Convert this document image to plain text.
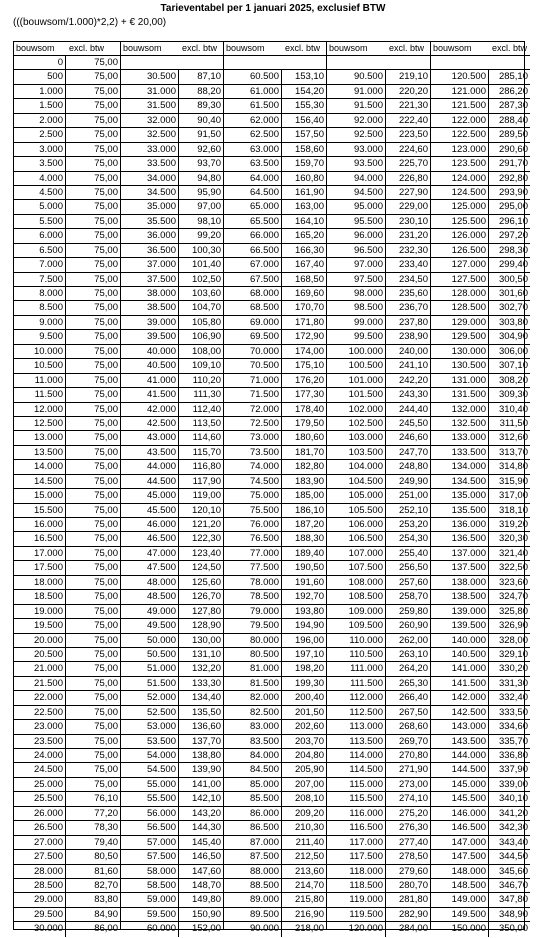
Tarieventabel per 1 januari 2025, exclusief BTW
(((bouwsom/1.000)*2,2) + € 20,00)
bouwsom	excl. btw
0	75,00
500	75,00
1.000	75,00
1.500	75,00
2.000	75,00
2.500	75,00
3.000	75,00
3.500	75,00
4.000	75,00
4.500	75,00
5.000	75,00
5.500	75,00
6.000	75,00
6.500	75,00
7.000	75,00
7.500	75,00
8.000	75,00
8.500	75,00
9.000	75,00
9.500	75,00
10.000	75,00
10.500	75,00
11.000	75,00
11.500	75,00
12.000	75,00
12.500	75,00
13.000	75,00
13.500	75,00
14.000	75,00
14.500	75,00
15.000	75,00
15.500	75,00
16.000	75,00
16.500	75,00
17.000	75,00
17.500	75,00
18.000	75,00
18.500	75,00
19.000	75,00
19.500	75,00
20.000	75,00
20.500	75,00
21.000	75,00
21.500	75,00
22.000	75,00
22.500	75,00
23.000	75,00
23.500	75,00
24.000	75,00
24.500	75,00
25.000	75,00
25.500	76,10
26.000	77,20
26.500	78,30
27.000	79,40
27.500	80,50
28.000	81,60
28.500	82,70
29.000	83,80
29.500	84,90
30.000	86,00
bouwsom	excl. btw
30.500	87,10
31.000	88,20
31.500	89,30
32.000	90,40
32.500	91,50
33.000	92,60
33.500	93,70
34.000	94,80
34.500	95,90
35.000	97,00
35.500	98,10
36.000	99,20
36.500	100,30
37.000	101,40
37.500	102,50
38.000	103,60
38.500	104,70
39.000	105,80
39.500	106,90
40.000	108,00
40.500	109,10
41.000	110,20
41.500	111,30
42.000	112,40
42.500	113,50
43.000	114,60
43.500	115,70
44.000	116,80
44.500	117,90
45.000	119,00
45.500	120,10
46.000	121,20
46.500	122,30
47.000	123,40
47.500	124,50
48.000	125,60
48.500	126,70
49.000	127,80
49.500	128,90
50.000	130,00
50.500	131,10
51.000	132,20
51.500	133,30
52.000	134,40
52.500	135,50
53.000	136,60
53.500	137,70
54.000	138,80
54.500	139,90
55.000	141,00
55.500	142,10
56.000	143,20
56.500	144,30
57.000	145,40
57.500	146,50
58.000	147,60
58.500	148,70
59.000	149,80
59.500	150,90
60.000	152,00
bouwsom	excl. btw
60.500	153,10
61.000	154,20
61.500	155,30
62.000	156,40
62.500	157,50
63.000	158,60
63.500	159,70
64.000	160,80
64.500	161,90
65.000	163,00
65.500	164,10
66.000	165,20
66.500	166,30
67.000	167,40
67.500	168,50
68.000	169,60
68.500	170,70
69.000	171,80
69.500	172,90
70.000	174,00
70.500	175,10
71.000	176,20
71.500	177,30
72.000	178,40
72.500	179,50
73.000	180,60
73.500	181,70
74.000	182,80
74.500	183,90
75.000	185,00
75.500	186,10
76.000	187,20
76.500	188,30
77.000	189,40
77.500	190,50
78.000	191,60
78.500	192,70
79.000	193,80
79.500	194,90
80.000	196,00
80.500	197,10
81.000	198,20
81.500	199,30
82.000	200,40
82.500	201,50
83.000	202,60
83.500	203,70
84.000	204,80
84.500	205,90
85.000	207,00
85.500	208,10
86.000	209,20
86.500	210,30
87.000	211,40
87.500	212,50
88.000	213,60
88.500	214,70
89.000	215,80
89.500	216,90
90.000	218,00
bouwsom	excl. btw
90.500	219,10
91.000	220,20
91.500	221,30
92.000	222,40
92.500	223,50
93.000	224,60
93.500	225,70
94.000	226,80
94.500	227,90
95.000	229,00
95.500	230,10
96.000	231,20
96.500	232,30
97.000	233,40
97.500	234,50
98.000	235,60
98.500	236,70
99.000	237,80
99.500	238,90
100.000	240,00
100.500	241,10
101.000	242,20
101.500	243,30
102.000	244,40
102.500	245,50
103.000	246,60
103.500	247,70
104.000	248,80
104.500	249,90
105.000	251,00
105.500	252,10
106.000	253,20
106.500	254,30
107.000	255,40
107.500	256,50
108.000	257,60
108.500	258,70
109.000	259,80
109.500	260,90
110.000	262,00
110.500	263,10
111.000	264,20
111.500	265,30
112.000	266,40
112.500	267,50
113.000	268,60
113.500	269,70
114.000	270,80
114.500	271,90
115.000	273,00
115.500	274,10
116.000	275,20
116.500	276,30
117.000	277,40
117.500	278,50
118.000	279,60
118.500	280,70
119.000	281,80
119.500	282,90
120.000	284,00
bouwsom	excl. btw
120.500	285,10
121.000	286,20
121.500	287,30
122.000	288,40
122.500	289,50
123.000	290,60
123.500	291,70
124.000	292,80
124.500	293,90
125.000	295,00
125.500	296,10
126.000	297,20
126.500	298,30
127.000	299,40
127.500	300,50
128.000	301,60
128.500	302,70
129.000	303,80
129.500	304,90
130.000	306,00
130.500	307,10
131.000	308,20
131.500	309,30
132.000	310,40
132.500	311,50
133.000	312,60
133.500	313,70
134.000	314,80
134.500	315,90
135.000	317,00
135.500	318,10
136.000	319,20
136.500	320,30
137.000	321,40
137.500	322,50
138.000	323,60
138.500	324,70
139.000	325,80
139.500	326,90
140.000	328,00
140.500	329,10
141.000	330,20
141.500	331,30
142.000	332,40
142.500	333,50
143.000	334,60
143.500	335,70
144.000	336,80
144.500	337,90
145.000	339,00
145.500	340,10
146.000	341,20
146.500	342,30
147.000	343,40
147.500	344,50
148.000	345,60
148.500	346,70
149.000	347,80
149.500	348,90
150.000	350,00
